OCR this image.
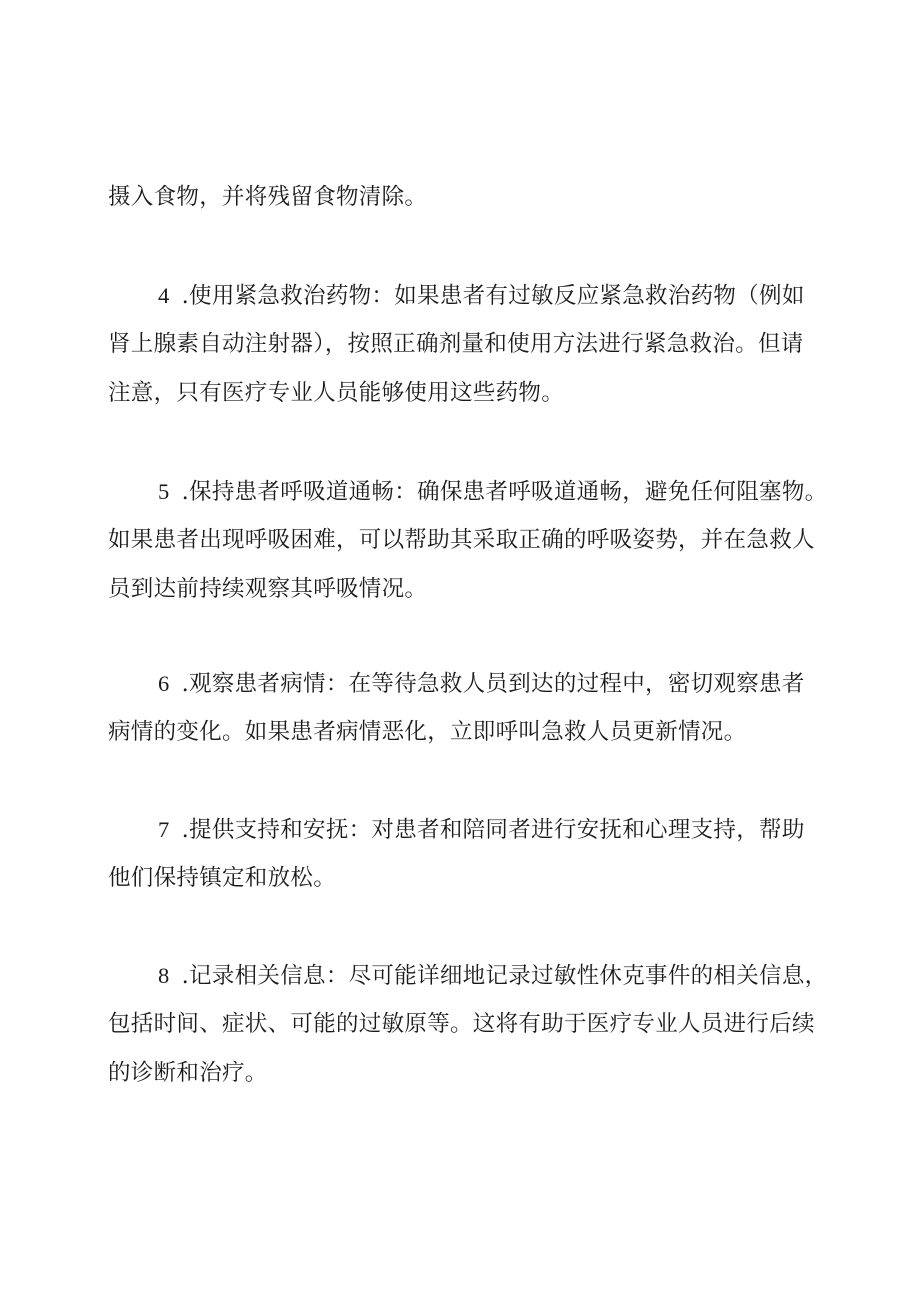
摄入食物，并将残留食物清除。

4 .使用紧急救治药物：如果患者有过敏反应紧急救治药物（例如
肾上腺素自动注射器），按照正确剂量和使用方法进行紧急救治。但请
注意，只有医疗专业人员能够使用这些药物。

5 .保持患者呼吸道通畅：确保患者呼吸道通畅，避免任何阻塞物。
如果患者出现呼吸困难，可以帮助其采取正确的呼吸姿势，并在急救人
员到达前持续观察其呼吸情况。

6 .观察患者病情：在等待急救人员到达的过程中，密切观察患者
病情的变化。如果患者病情恶化，立即呼叫急救人员更新情况。

7 .提供支持和安抚：对患者和陪同者进行安抚和心理支持，帮助
他们保持镇定和放松。

8 .记录相关信息：尽可能详细地记录过敏性休克事件的相关信息，
包括时间、症状、可能的过敏原等。这将有助于医疗专业人员进行后续
的诊断和治疗。
